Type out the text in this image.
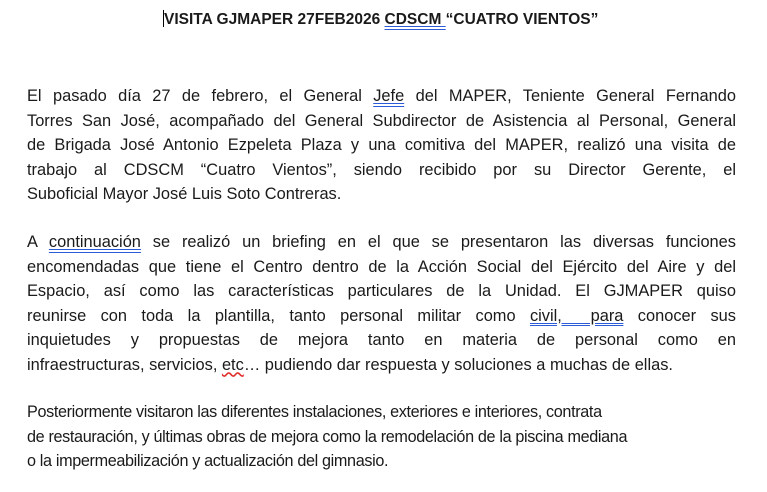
VISITA GJMAPER 27FEB2026 CDSCM “CUATRO VIENTOS”
El pasado día 27 de febrero, el General Jefe del MAPER, Teniente General Fernando
Torres San José, acompañado del General Subdirector de Asistencia al Personal, General
de Brigada José Antonio Ezpeleta Plaza y una comitiva del MAPER, realizó una visita de
trabajo al CDSCM “Cuatro Vientos”, siendo recibido por su Director Gerente, el
Suboficial Mayor José Luis Soto Contreras.
A continuación se realizó un briefing en el que se presentaron las diversas funciones
encomendadas que tiene el Centro dentro de la Acción Social del Ejército del Aire y del
Espacio, así como las características particulares de la Unidad. El GJMAPER quiso
reunirse con toda la plantilla, tanto personal militar como civil,  para conocer sus
inquietudes y propuestas de mejora tanto en materia de personal como en
infraestructuras, servicios, etc… pudiendo dar respuesta y soluciones a muchas de ellas.
Posteriormente visitaron las diferentes instalaciones, exteriores e interiores, contrata
de restauración, y últimas obras de mejora como la remodelación de la piscina mediana
o la impermeabilización y actualización del gimnasio.
